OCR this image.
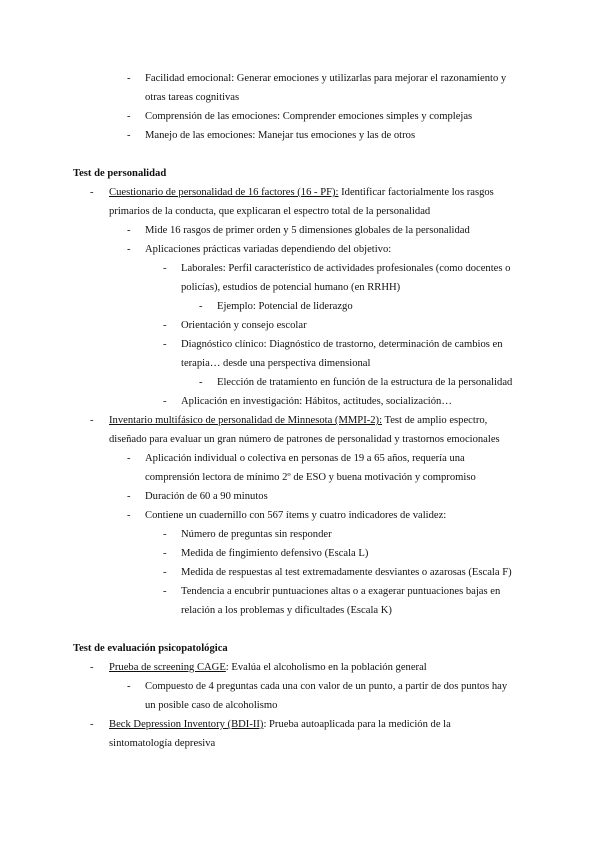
- Facilidad emocional: Generar emociones y utilizarlas para mejorar el razonamiento y
otras tareas cognitivas
- Comprensión de las emociones: Comprender emociones simples y complejas
- Manejo de las emociones: Manejar tus emociones y las de otros
Test de personalidad
- Cuestionario de personalidad de 16 factores (16 - PF): Identificar factorialmente los rasgos
primarios de la conducta, que explicaran el espectro total de la personalidad
- Mide 16 rasgos de primer orden y 5 dimensiones globales de la personalidad
- Aplicaciones prácticas variadas dependiendo del objetivo:
- Laborales: Perfil característico de actividades profesionales (como docentes o
policías), estudios de potencial humano (en RRHH)
- Ejemplo: Potencial de liderazgo
- Orientación y consejo escolar
- Diagnóstico clínico: Diagnóstico de trastorno, determinación de cambios en
terapia… desde una perspectiva dimensional
- Elección de tratamiento en función de la estructura de la personalidad
- Aplicación en investigación: Hábitos, actitudes, socialización…
- Inventario multifásico de personalidad de Minnesota (MMPI-2): Test de amplio espectro,
diseñado para evaluar un gran número de patrones de personalidad y trastornos emocionales
- Aplicación individual o colectiva en personas de 19 a 65 años, requería una
comprensión lectora de mínimo 2º de ESO y buena motivación y compromiso
- Duración de 60 a 90 minutos
- Contiene un cuadernillo con 567 ítems y cuatro indicadores de validez:
- Número de preguntas sin responder
- Medida de fingimiento defensivo (Escala L)
- Medida de respuestas al test extremadamente desviantes o azarosas (Escala F)
- Tendencia a encubrir puntuaciones altas o a exagerar puntuaciones bajas en
relación a los problemas y dificultades (Escala K)
Test de evaluación psicopatológica
- Prueba de screening CAGE: Evalúa el alcoholismo en la población general
- Compuesto de 4 preguntas cada una con valor de un punto, a partir de dos puntos hay
un posible caso de alcoholismo
- Beck Depression Inventory (BDI-II): Prueba autoaplicada para la medición de la
sintomatología depresiva
